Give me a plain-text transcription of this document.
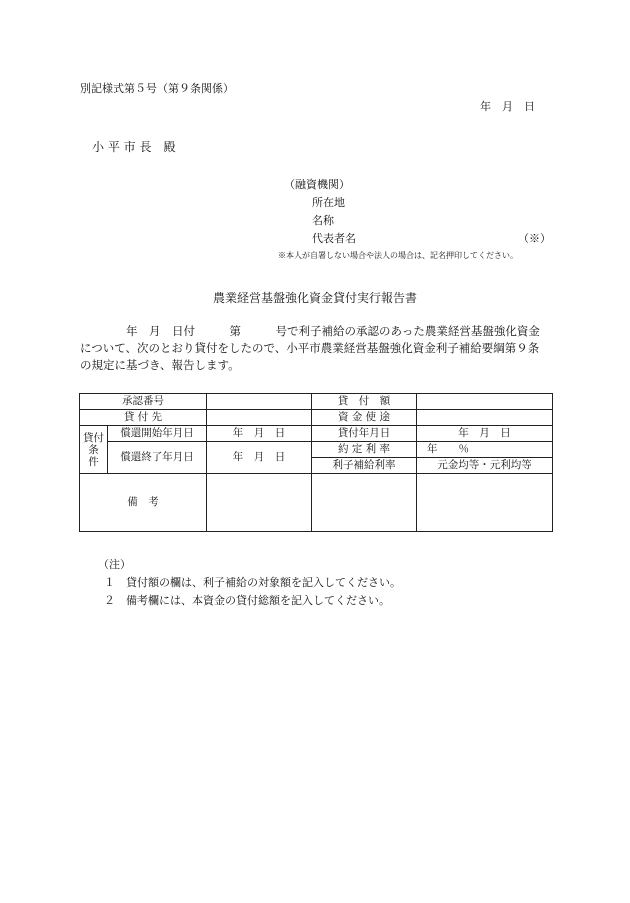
別記様式第５号（第９条関係）
年　月　日
小 平 市 長　殿
（融資機関）
所在地
名称
代表者名	（※）
※本人が自署しない場合や法人の場合は、記名押印してください。
農業経営基盤強化資金貸付実行報告書
年　月　日付　　　第　　　号で利子補給の承認のあった農業経営基盤強化資金
について、次のとおり貸付をしたので、小平市農業経営基盤強化資金利子補給要綱第９条
の規定に基づき、報告します。
承認番号			貸　付　額	
貸 付 先			資 金 使 途	
貸付
条
件	償還開始年月日	年　月　日	貸付年月日	年　月　日
	償還終了年月日	年　月　日	約 定 利 率	年　　％
			利子補給利率	元金均等・元利均等
備　考				
（注）
１　貸付額の欄は、利子補給の対象額を記入してください。
２　備考欄には、本資金の貸付総額を記入してください。
